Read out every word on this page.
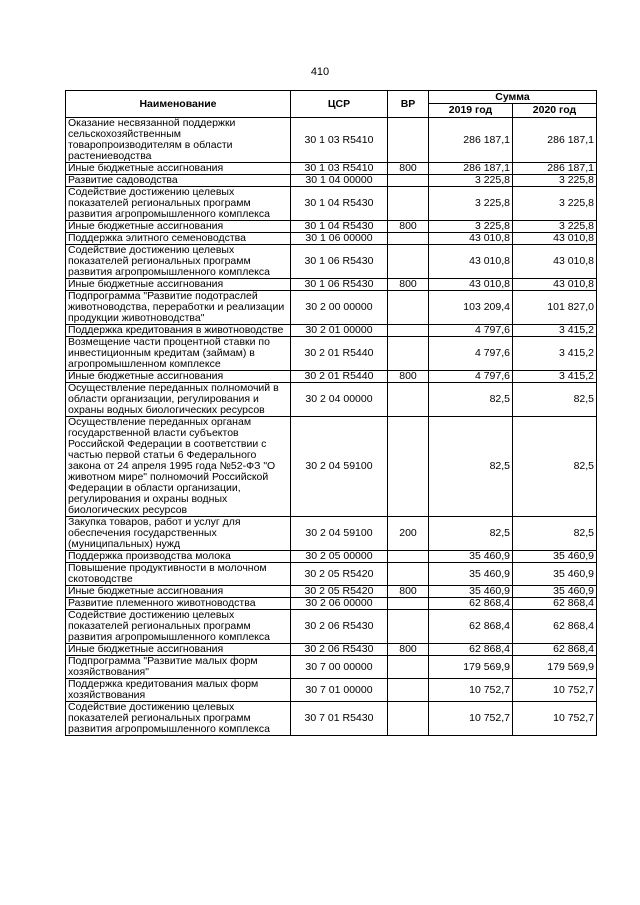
410
Наименование	ЦСР	ВР	Сумма	
			2019 год	2020 год
Оказание несвязанной поддержки сельскохозяйственным товаропроизводителям в области растениеводства	30 1 03 R5410		286 187,1	286 187,1
Иные бюджетные ассигнования	30 1 03 R5410	800	286 187,1	286 187,1
Развитие садоводства	30 1 04 00000		3 225,8	3 225,8
Содействие достижению целевых показателей региональных программ развития агропромышленного комплекса	30 1 04 R5430		3 225,8	3 225,8
Иные бюджетные ассигнования	30 1 04 R5430	800	3 225,8	3 225,8
Поддержка элитного семеноводства	30 1 06 00000		43 010,8	43 010,8
Содействие достижению целевых показателей региональных программ развития агропромышленного комплекса	30 1 06 R5430		43 010,8	43 010,8
Иные бюджетные ассигнования	30 1 06 R5430	800	43 010,8	43 010,8
Подпрограмма "Развитие подотраслей животноводства, переработки и реализации продукции животноводства"	30 2 00 00000		103 209,4	101 827,0
Поддержка кредитования в животноводстве	30 2 01 00000		4 797,6	3 415,2
Возмещение части процентной ставки по инвестиционным кредитам (займам) в агропромышленном комплексе	30 2 01 R5440		4 797,6	3 415,2
Иные бюджетные ассигнования	30 2 01 R5440	800	4 797,6	3 415,2
Осуществление переданных полномочий в области организации, регулирования и охраны водных биологических ресурсов	30 2 04 00000		82,5	82,5
Осуществление переданных органам государственной власти субъектов Российской Федерации в соответствии с частью первой статьи 6 Федерального закона от 24 апреля 1995 года №52-ФЗ "О животном мире" полномочий Российской Федерации в области организации, регулирования и охраны водных биологических ресурсов	30 2 04 59100		82,5	82,5
Закупка товаров, работ и услуг для обеспечения государственных (муниципальных) нужд	30 2 04 59100	200	82,5	82,5
Поддержка производства молока	30 2 05 00000		35 460,9	35 460,9
Повышение продуктивности в молочном скотоводстве	30 2 05 R5420		35 460,9	35 460,9
Иные бюджетные ассигнования	30 2 05 R5420	800	35 460,9	35 460,9
Развитие племенного животноводства	30 2 06 00000		62 868,4	62 868,4
Содействие достижению целевых показателей региональных программ развития агропромышленного комплекса	30 2 06 R5430		62 868,4	62 868,4
Иные бюджетные ассигнования	30 2 06 R5430	800	62 868,4	62 868,4
Подпрограмма "Развитие малых форм хозяйствования"	30 7 00 00000		179 569,9	179 569,9
Поддержка кредитования малых форм хозяйствования	30 7 01 00000		10 752,7	10 752,7
Содействие достижению целевых показателей региональных программ развития агропромышленного комплекса	30 7 01 R5430		10 752,7	10 752,7
